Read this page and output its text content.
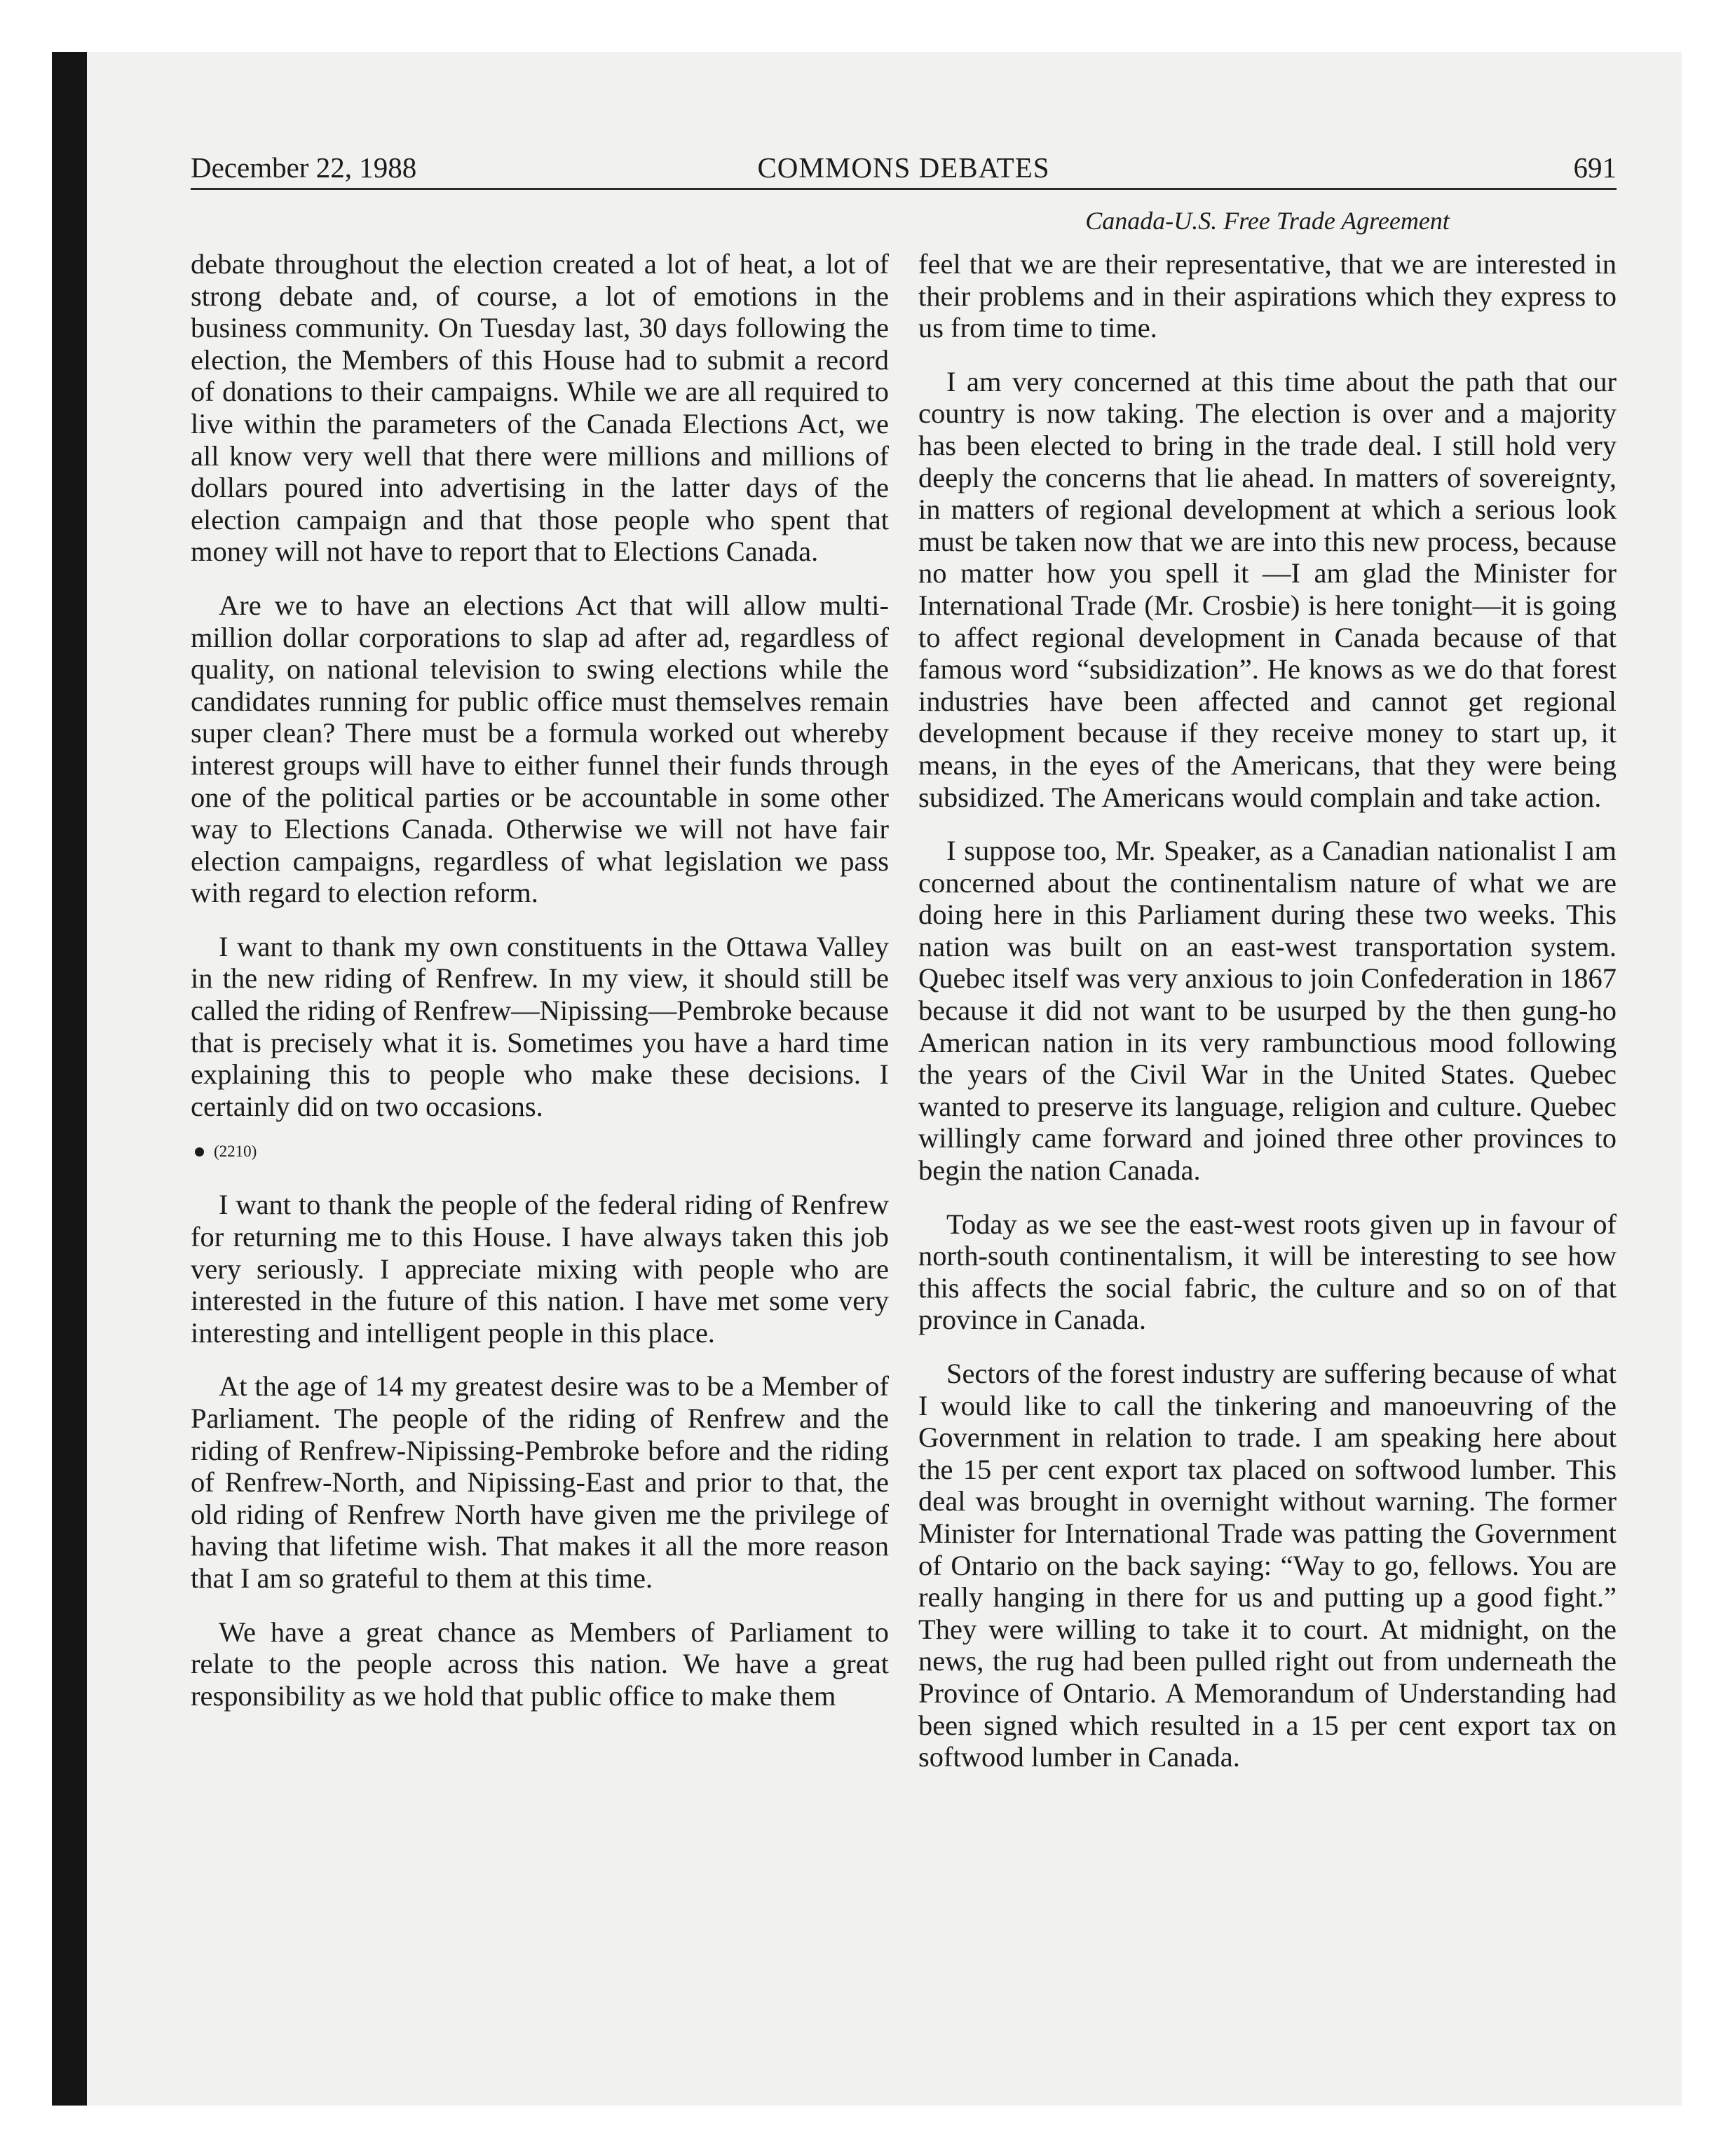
COMMONS DEBATES
December 22, 1988	691
Canada-U.S. Free Trade Agreement

debate throughout the election created a lot of heat, a lot of strong debate and, of course, a lot of emotions in the business community. On Tuesday last, 30 days following the election, the Members of this House had to submit a record of donations to their campaigns. While we are all required to live within the parameters of the Canada Elections Act, we all know very well that there were millions and millions of dollars poured into advertising in the latter days of the election campaign and that those people who spent that money will not have to report that to Elections Canada.

Are we to have an elections Act that will allow multi-million dollar corporations to slap ad after ad, regardless of quality, on national television to swing elections while the candidates running for public office must themselves remain super clean? There must be a formula worked out whereby interest groups will have to either funnel their funds through one of the political parties or be accountable in some other way to Elections Canada. Otherwise we will not have fair election campaigns, regardless of what legislation we pass with regard to election reform.

I want to thank my own constituents in the Ottawa Valley in the new riding of Renfrew. In my view, it should still be called the riding of Renfrew—Nipissing—Pembroke because that is precisely what it is. Sometimes you have a hard time explaining this to people who make these decisions. I certainly did on two occasions.

(2210)

I want to thank the people of the federal riding of Renfrew for returning me to this House. I have always taken this job very seriously. I appreciate mixing with people who are interested in the future of this nation. I have met some very interesting and intelligent people in this place.

At the age of 14 my greatest desire was to be a Member of Parliament. The people of the riding of Renfrew and the riding of Renfrew-Nipissing-Pembroke before and the riding of Renfrew-North, and Nipissing-East and prior to that, the old riding of Renfrew North have given me the privilege of having that lifetime wish. That makes it all the more reason that I am so grateful to them at this time.

We have a great chance as Members of Parliament to relate to the people across this nation. We have a great responsibility as we hold that public office to make them

feel that we are their representative, that we are interested in their problems and in their aspirations which they express to us from time to time.

I am very concerned at this time about the path that our country is now taking. The election is over and a majority has been elected to bring in the trade deal. I still hold very deeply the concerns that lie ahead. In matters of sovereignty, in matters of regional development at which a serious look must be taken now that we are into this new process, because no matter how you spell it —I am glad the Minister for International Trade (Mr. Crosbie) is here tonight—it is going to affect regional development in Canada because of that famous word “subsidization”. He knows as we do that forest industries have been affected and cannot get regional development because if they receive money to start up, it means, in the eyes of the Americans, that they were being subsidized. The Americans would complain and take action.

I suppose too, Mr. Speaker, as a Canadian nationalist I am concerned about the continentalism nature of what we are doing here in this Parliament during these two weeks. This nation was built on an east-west transportation system. Quebec itself was very anxious to join Confederation in 1867 because it did not want to be usurped by the then gung-ho American nation in its very rambunctious mood following the years of the Civil War in the United States. Quebec wanted to preserve its language, religion and culture. Quebec willingly came forward and joined three other provinces to begin the nation Canada.

Today as we see the east-west roots given up in favour of north-south continentalism, it will be interesting to see how this affects the social fabric, the culture and so on of that province in Canada.

Sectors of the forest industry are suffering because of what I would like to call the tinkering and manoeuvring of the Government in relation to trade. I am speaking here about the 15 per cent export tax placed on softwood lumber. This deal was brought in overnight without warning. The former Minister for International Trade was patting the Government of Ontario on the back saying: “Way to go, fellows. You are really hanging in there for us and putting up a good fight.” They were willing to take it to court. At midnight, on the news, the rug had been pulled right out from underneath the Province of Ontario. A Memorandum of Understanding had been signed which resulted in a 15 per cent export tax on softwood lumber in Canada.
